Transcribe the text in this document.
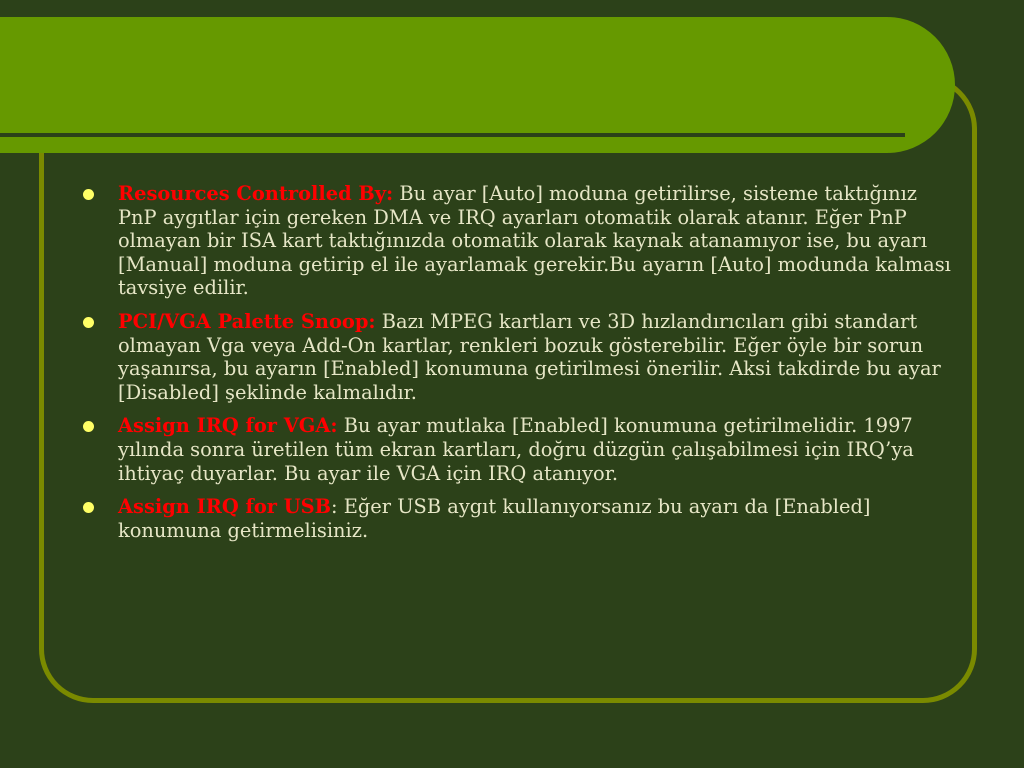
Resources Controlled By: Bu ayar [Auto] moduna getirilirse, sisteme taktığınız PnP aygıtlar için gereken DMA ve IRQ ayarları otomatik olarak atanır. Eğer PnP olmayan bir ISA kart taktığınızda otomatik olarak kaynak atanamıyor ise, bu ayarı [Manual] moduna getirip el ile ayarlamak gerekir.Bu ayarın [Auto] modunda kalması tavsiye edilir.
PCI/VGA Palette Snoop: Bazı MPEG kartları ve 3D hızlandırıcıları gibi standart olmayan Vga veya Add-On kartlar, renkleri bozuk gösterebilir. Eğer öyle bir sorun yaşanırsa, bu ayarın [Enabled] konumuna getirilmesi önerilir. Aksi takdirde bu ayar [Disabled] şeklinde kalmalıdır.
Assign IRQ for VGA: Bu ayar mutlaka [Enabled] konumuna getirilmelidir. 1997 yılında sonra üretilen tüm ekran kartları, doğru düzgün çalışabilmesi için IRQ’ya ihtiyaç duyarlar. Bu ayar ile VGA için IRQ atanıyor.
Assign IRQ for USB: Eğer USB aygıt kullanıyorsanız bu ayarı da [Enabled] konumuna getirmelisiniz.
